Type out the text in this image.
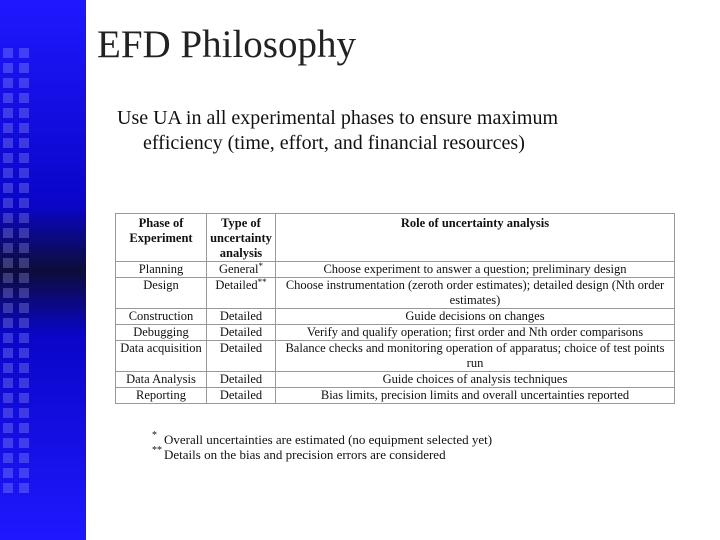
EFD Philosophy
Use UA in all experimental phases to ensure maximum
efficiency (time, effort, and financial resources)
Phase of Experiment	Type of uncertainty analysis	Role of uncertainty analysis
Planning	General*	Choose experiment to answer a question; preliminary design
Design	Detailed**	Choose instrumentation (zeroth order estimates); detailed design (Nth order estimates)
Construction	Detailed	Guide decisions on changes
Debugging	Detailed	Verify and qualify operation; first order and Nth order comparisons
Data acquisition	Detailed	Balance checks and monitoring operation of apparatus; choice of test points run
Data Analysis	Detailed	Guide choices of analysis techniques
Reporting	Detailed	Bias limits, precision limits and overall uncertainties reported
* Overall uncertainties are estimated (no equipment selected yet)
** Details on the bias and precision errors are considered
